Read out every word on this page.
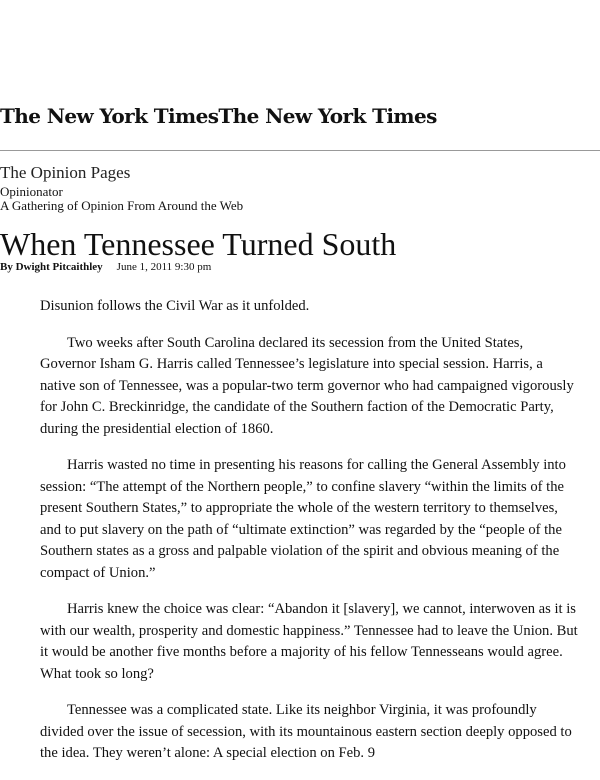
The New York TimesThe New York Times
The Opinion Pages
Opinionator
A Gathering of Opinion From Around the Web
When Tennessee Turned South
By Dwight Pitcaithley June 1, 2011 9:30 pm

Disunion follows the Civil War as it unfolded.

Two weeks after South Carolina declared its secession from the United States, Governor Isham G. Harris called Tennessee’s legislature into special session. Harris, a native son of Tennessee, was a popular-two term governor who had campaigned vigorously for John C. Breckinridge, the candidate of the Southern faction of the Democratic Party, during the presidential election of 1860.

Harris wasted no time in presenting his reasons for calling the General Assembly into session: “The attempt of the Northern people,” to confine slavery “within the limits of the present Southern States,” to appropriate the whole of the western territory to themselves, and to put slavery on the path of “ultimate extinction” was regarded by the “people of the Southern states as a gross and palpable violation of the spirit and obvious meaning of the compact of Union.”

Harris knew the choice was clear: “Abandon it [slavery], we cannot, interwoven as it is with our wealth, prosperity and domestic happiness.” Tennessee had to leave the Union. But it would be another five months before a majority of his fellow Tennesseans would agree. What took so long?

Tennessee was a complicated state. Like its neighbor Virginia, it was profoundly divided over the issue of secession, with its mountainous eastern section deeply opposed to the idea. They weren’t alone: A special election on Feb. 9
